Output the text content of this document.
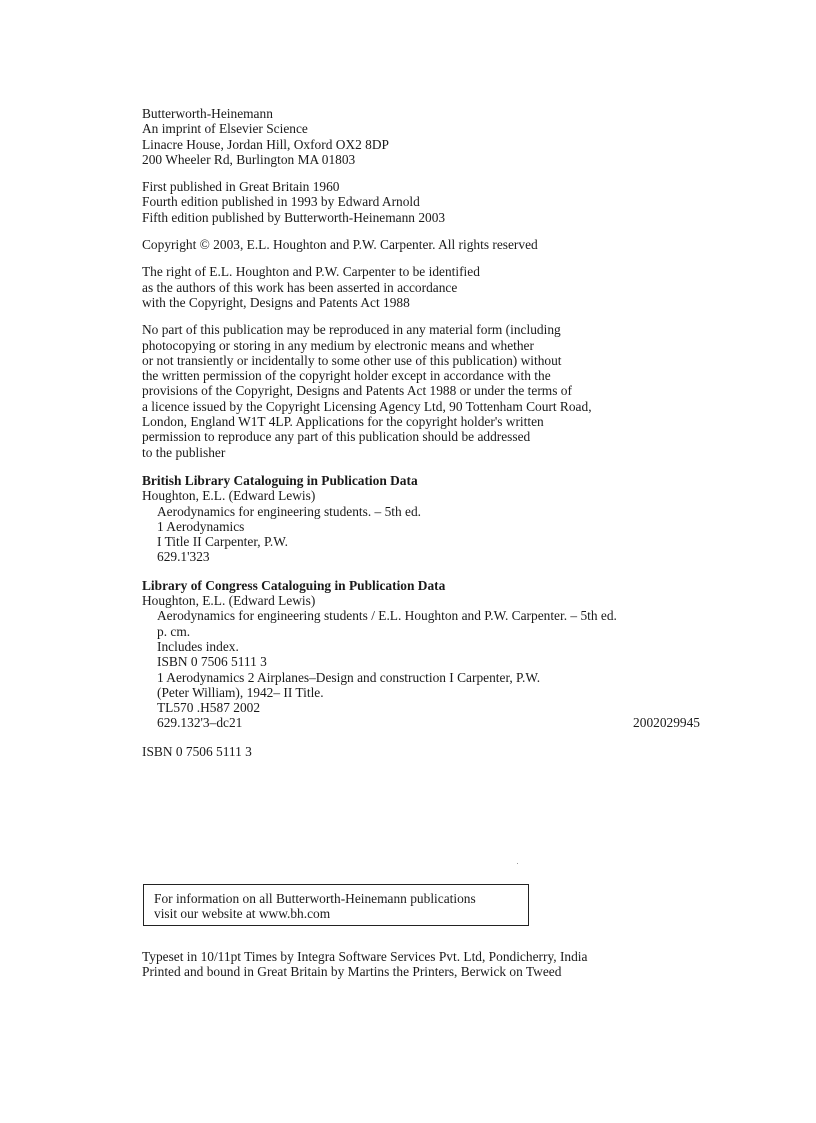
Butterworth-Heinemann
An imprint of Elsevier Science
Linacre House, Jordan Hill, Oxford OX2 8DP
200 Wheeler Rd, Burlington MA 01803
First published in Great Britain 1960
Fourth edition published in 1993 by Edward Arnold
Fifth edition published by Butterworth-Heinemann 2003
Copyright © 2003, E.L. Houghton and P.W. Carpenter. All rights reserved
The right of E.L. Houghton and P.W. Carpenter to be identified
as the authors of this work has been asserted in accordance
with the Copyright, Designs and Patents Act 1988
No part of this publication may be reproduced in any material form (including
photocopying or storing in any medium by electronic means and whether
or not transiently or incidentally to some other use of this publication) without
the written permission of the copyright holder except in accordance with the
provisions of the Copyright, Designs and Patents Act 1988 or under the terms of
a licence issued by the Copyright Licensing Agency Ltd, 90 Tottenham Court Road,
London, England W1T 4LP. Applications for the copyright holder's written
permission to reproduce any part of this publication should be addressed
to the publisher
British Library Cataloguing in Publication Data
Houghton, E.L. (Edward Lewis)
Aerodynamics for engineering students. – 5th ed.
1 Aerodynamics
I Title II Carpenter, P.W.
629.1'323
Library of Congress Cataloguing in Publication Data
Houghton, E.L. (Edward Lewis)
Aerodynamics for engineering students / E.L. Houghton and P.W. Carpenter. – 5th ed.
p. cm.
Includes index.
ISBN 0 7506 5111 3
1 Aerodynamics 2 Airplanes–Design and construction I Carpenter, P.W.
(Peter William), 1942– II Title.
TL570 .H587 2002
629.132'3–dc21	2002029945
ISBN 0 7506 5111 3
For information on all Butterworth-Heinemann publications
visit our website at www.bh.com
Typeset in 10/11pt Times by Integra Software Services Pvt. Ltd, Pondicherry, India
Printed and bound in Great Britain by Martins the Printers, Berwick on Tweed
